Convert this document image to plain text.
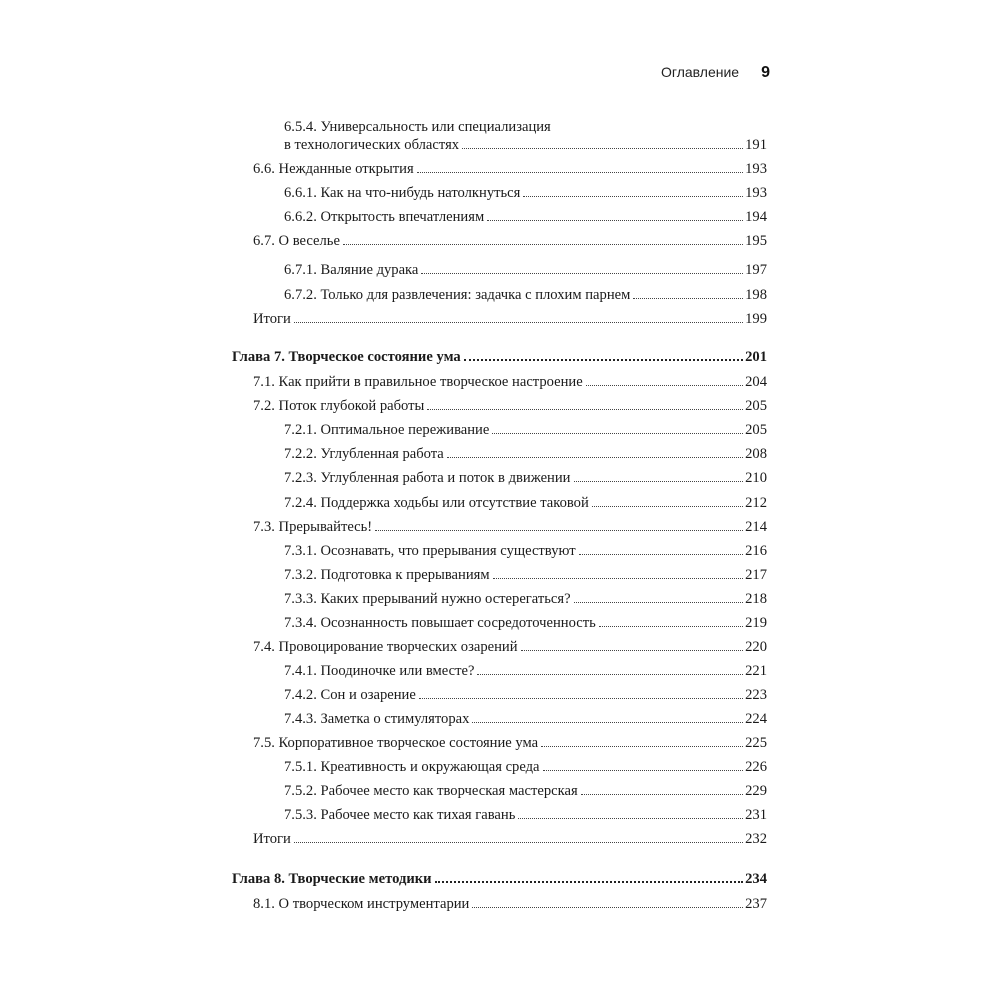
Оглавление 9
6.5.4. Универсальность или специализация
в технологических областях	191
6.6. Нежданные открытия	193
6.6.1. Как на что-нибудь натолкнуться	193
6.6.2. Открытость впечатлениям	194
6.7. О веселье	195
6.7.1. Валяние дурака	197
6.7.2. Только для развлечения: задачка с плохим парнем	198
Итоги	199
Глава 7. Творческое состояние ума	201
7.1. Как прийти в правильное творческое настроение	204
7.2. Поток глубокой работы	205
7.2.1. Оптимальное переживание	205
7.2.2. Углубленная работа	208
7.2.3. Углубленная работа и поток в движении	210
7.2.4. Поддержка ходьбы или отсутствие таковой	212
7.3. Прерывайтесь!	214
7.3.1. Осознавать, что прерывания существуют	216
7.3.2. Подготовка к прерываниям	217
7.3.3. Каких прерываний нужно остерегаться?	218
7.3.4. Осознанность повышает сосредоточенность	219
7.4. Провоцирование творческих озарений	220
7.4.1. Поодиночке или вместе?	221
7.4.2. Сон и озарение	223
7.4.3. Заметка о стимуляторах	224
7.5. Корпоративное творческое состояние ума	225
7.5.1. Креативность и окружающая среда	226
7.5.2. Рабочее место как творческая мастерская	229
7.5.3. Рабочее место как тихая гавань	231
Итоги	232
Глава 8. Творческие методики	234
8.1. О творческом инструментарии	237
